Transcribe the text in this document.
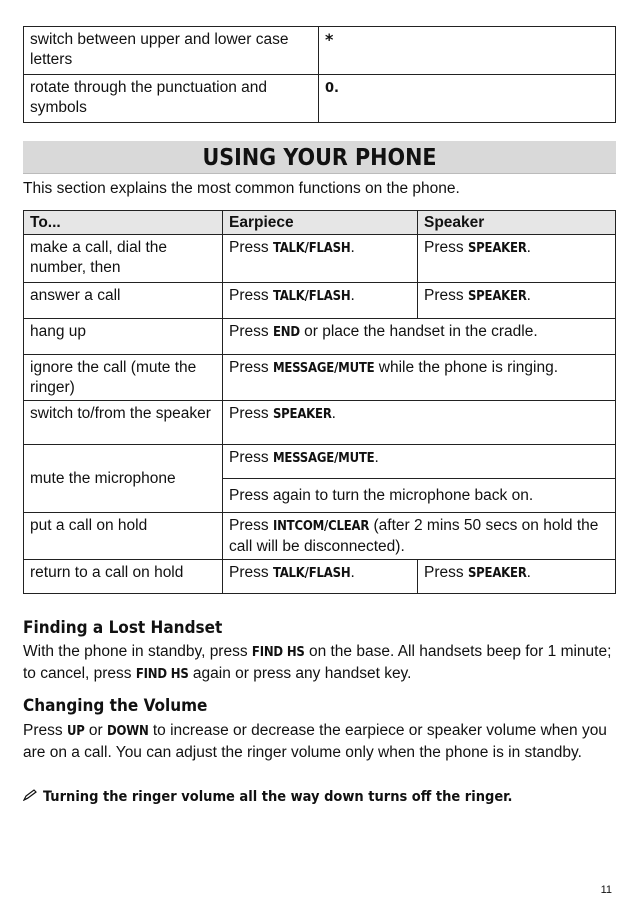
switch between upper and lower case letters	*
rotate through the punctuation and symbols	0.
USING YOUR PHONE
This section explains the most common functions on the phone.
To...	Earpiece	Speaker
make a call, dial the number, then	Press TALK/FLASH.	Press SPEAKER.
answer a call	Press TALK/FLASH.	Press SPEAKER.
hang up	Press END or place the handset in the cradle.	
ignore the call (mute the ringer)	Press MESSAGE/MUTE while the phone is ringing.	
switch to/from the speaker	Press SPEAKER.	
mute the microphone	Press MESSAGE/MUTE.	
	Press again to turn the microphone back on.	
put a call on hold	Press INTCOM/CLEAR (after 2 mins 50 secs on hold the call will be disconnected).	
return to a call on hold	Press TALK/FLASH.	Press SPEAKER.
Finding a Lost Handset
With the phone in standby, press FIND HS on the base. All handsets beep for 1 minute; to cancel, press FIND HS again or press any handset key.
Changing the Volume
Press UP or DOWN to increase or decrease the earpiece or speaker volume when you are on a call. You can adjust the ringer volume only when the phone is in standby.
Turning the ringer volume all the way down turns off the ringer.
11
